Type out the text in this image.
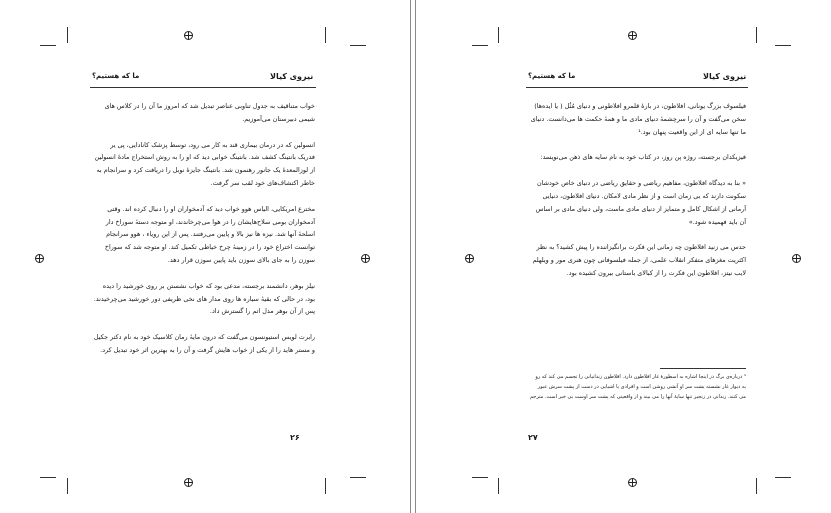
نیروی کیالا
ما که هستیم؟

خواب متناقیف به جدول تناوبی عناصر تبدیل شد که امروز ما آن را در کلاس های شیمی دبیرستان می‌آموزیم.

انسولین که در درمان بیماری قند به کار می رود، توسط پزشک کانادایی، پی یر فدریک بانتینگ کشف شد. بانتینگ خوابی دید که او را به روش استخراج مادهٔ انسولین از لوزالمعدهٔ یک جانور رهنمون شد. بانتینگ جایزهٔ نوبل را دریافت کرد و سرانجام به خاطر اکتشاف‌های خود لقب سر گرفت.

مخترع امریکایی، الیاس هوو خواب دید که آدمخواران او را دنبال کرده اند. وقتی آدمخواران بومی سلاح‌هایشان را در هوا می‌چرخاندند، او متوجه دستهٔ سوراخ دار اسلحهٔ آنها شد. نیزه ها نیز بالا و پایین می‌رفتند. پس از این رویاء ، هوو سرانجام توانست اختراع خود را در زمینهٔ چرخ خیاطی تکمیل کند. او متوجه شد که سوراخ سوزن را به جای بالای سوزن باید پایین سوزن قرار دهد.

نیلز بوهر، دانشمند برجسته، مدعی بود که خواب نشستن بر روی خورشید را دیده بود، در حالی که بقیهٔ سیاره ها روی مدار های نخی ظریفی دور خورشید می‌چرخیدند. پس از آن بوهر مدل اتم را گسترش داد.

رابرت لویس استیونسون می‌گفت که درون مایهٔ رمان کلاسیک خود به نام دکتر جکیل و مستر هاید را از یکی از خواب هایش گرفت و آن را به بهترین اثر خود تبدیل کرد.

۲۶
نیروی کیالا
ما که هستیم؟

فیلسوف بزرگ یونانی، افلاطون، در بارهٔ قلمرو افلاطونی و دنیای مُثُل ( یا ایده‌ها) سخن می‌گفت و آن را سرچشمهٔ دنیای مادی ما و همهٔ حکمت ها می‌دانست. دنیای ما تنها سایه ای از این واقعیت پنهان بود.¹

فیزیکدان برجسته، روژه پن روز، در کتاب خود به نام سایه های ذهن می‌نویسد:

« بنا به دیدگاه افلاطون، مفاهیم ریاضی و حقایق ریاضی در دنیای خاص خودشان سکونت دارند که بی زمان است و از نظر مادی لامکان. دنیای افلاطون، دنیایی آرمانی از اشکال کامل و متمایز از دنیای مادی ماست، ولی دنیای مادی بر اساس آن باید فهمیده شود.»

حدس می زنید افلاطون چه زمانی این فکرت برانگیزاننده را پیش کشید؟ به نظر اکثریت مغزهای متفکر انقلاب علمی، از جمله فیلسوفانی چون هنری مور و ویلهلم لایب نیتز، افلاطون این فکرت را از کبالای باستانی بیرون کشیده بود.

¹ درباره‌ی برگ در اینجا اشاره به اسطورهٔ غار افلاطون دارد. افلاطون زندانیانی را تجسم می کند که رو به دیوار غار نشسته یشت سر او آتشی روشن است و افرادی یا اشیایی در دست از پشت سرش عبور می کنند. زندانی در زنجیر تنها سایهٔ آنها را می بیند و از واقعیتی که پشت سر اوست بی خبر است. مترجم
۲۷
